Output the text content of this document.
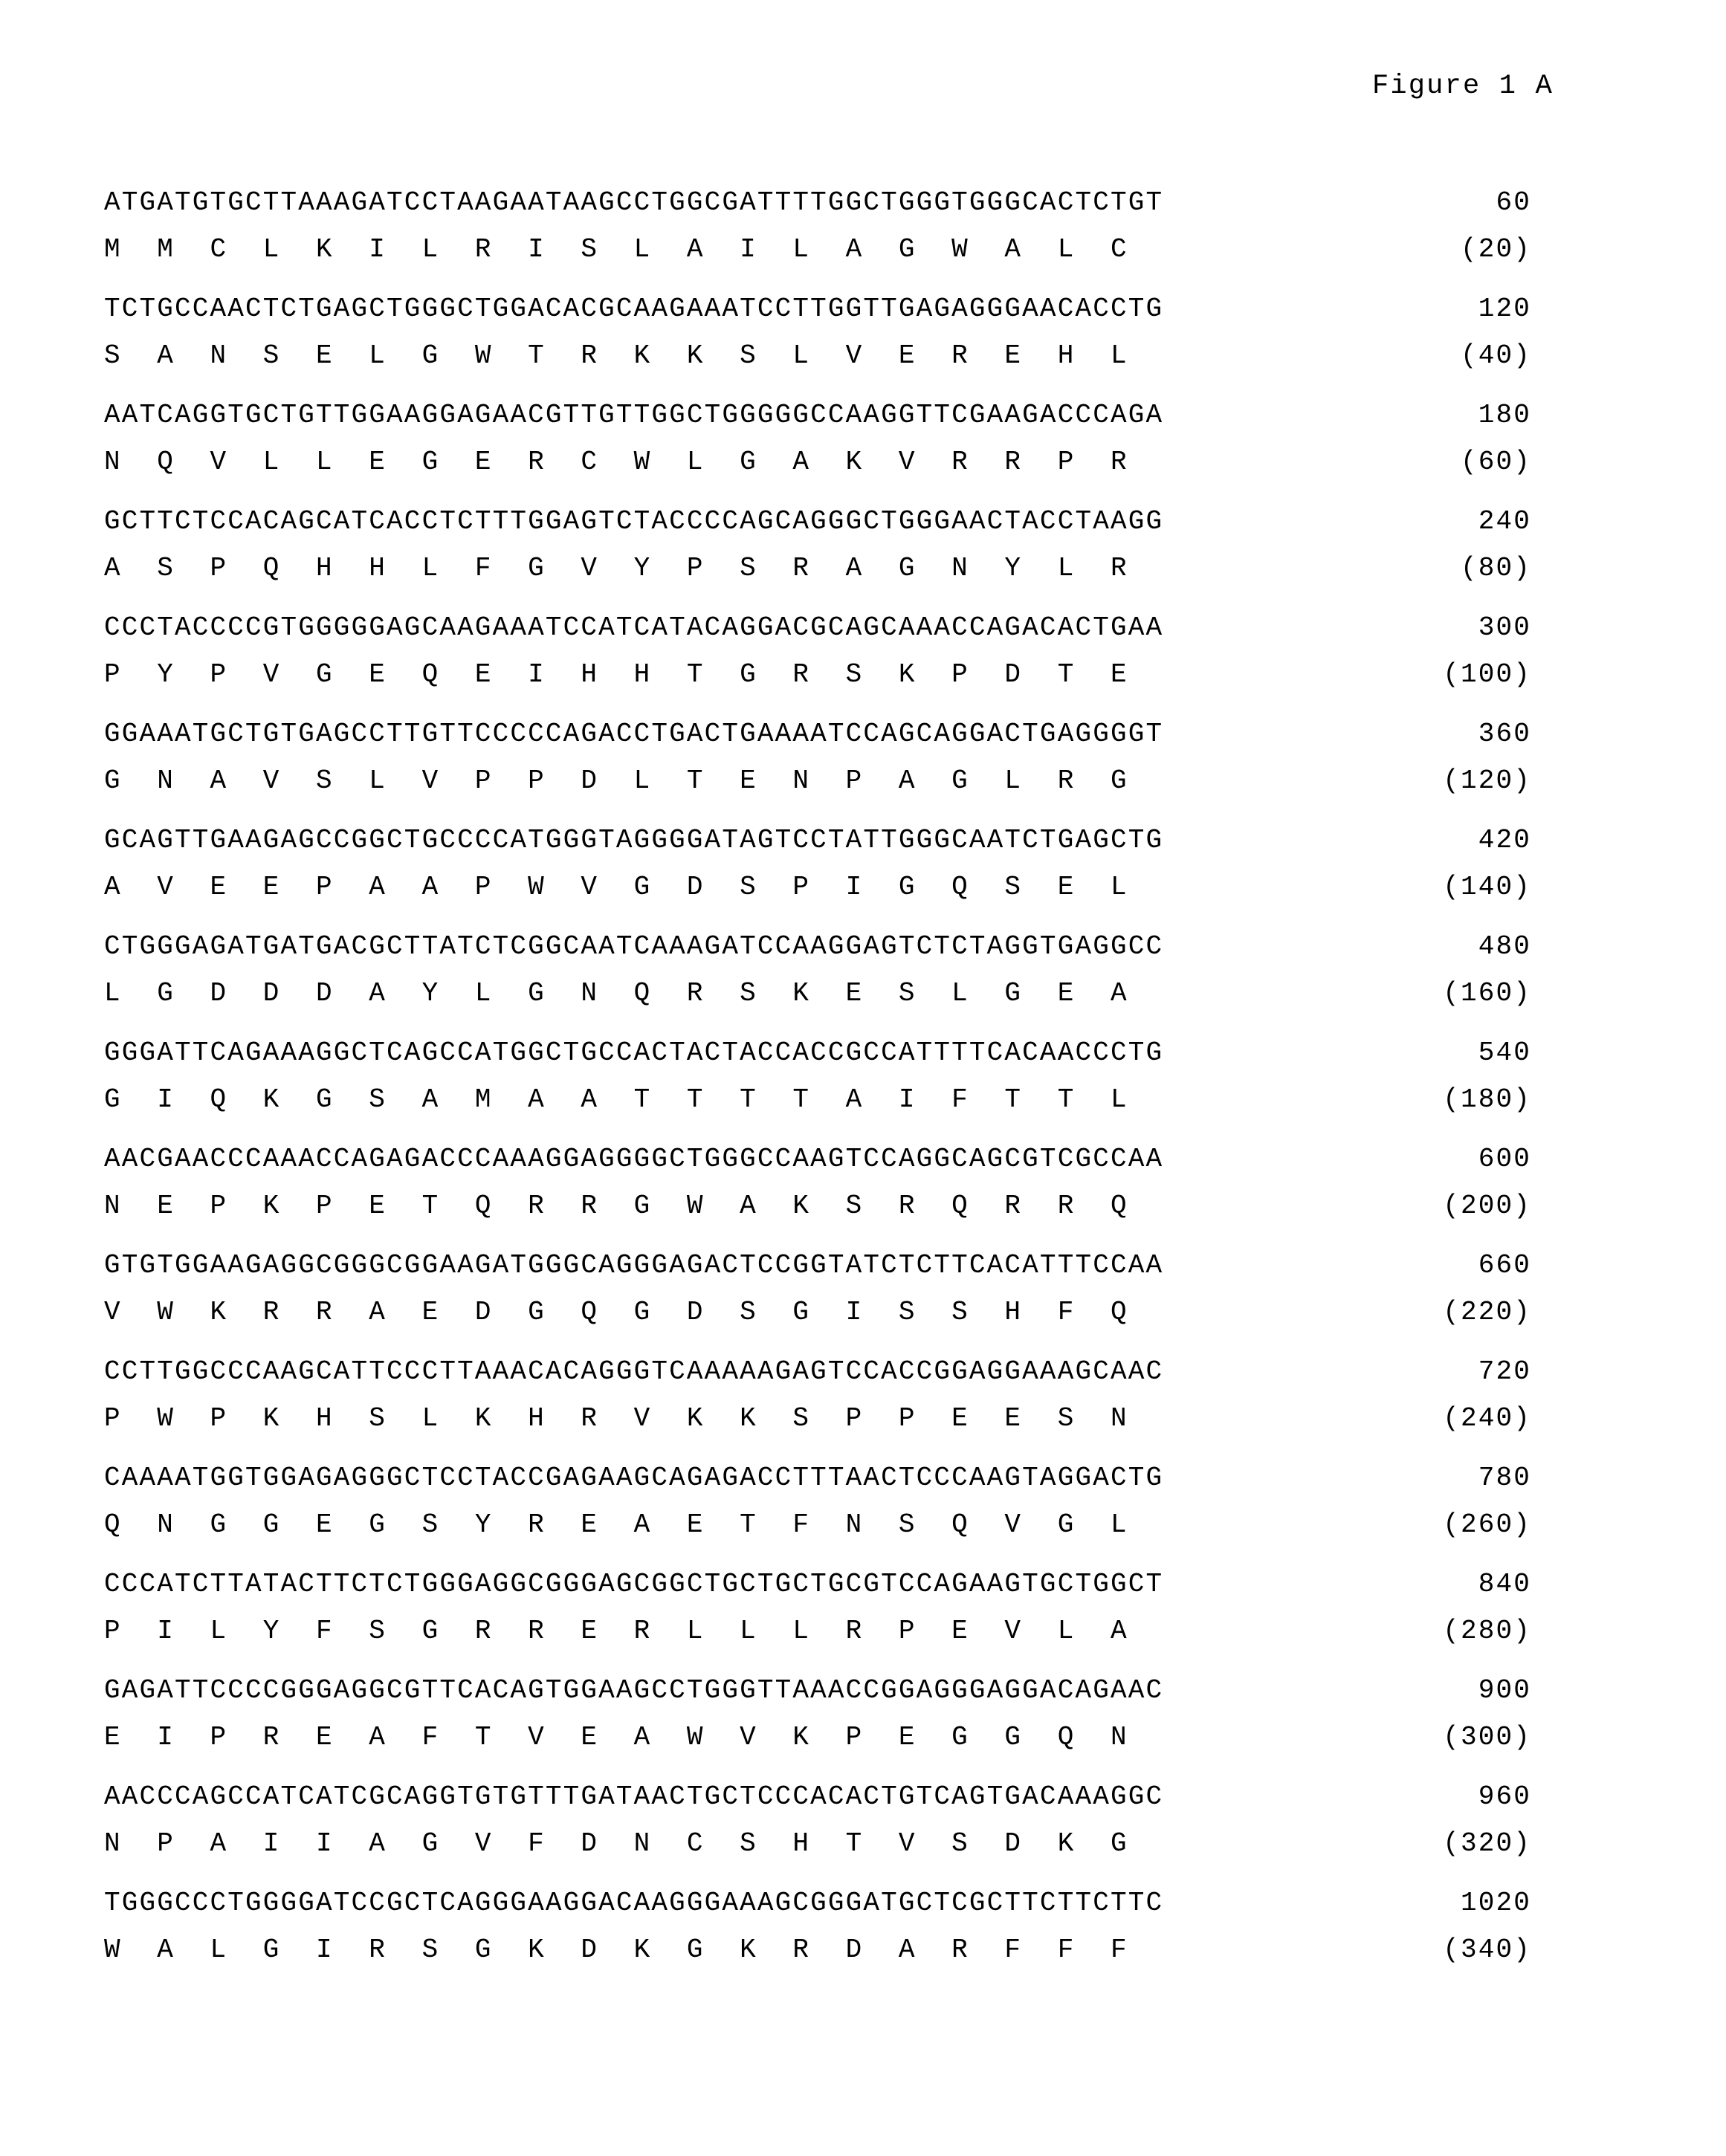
Figure 1 A
ATGATGTGCTTAAAGATCCTAAGAATAAGCCTGGCGATTTTGGCTGGGTGGGCACTCTGT	60
M  M  C  L  K  I  L  R  I  S  L  A  I  L  A  G  W  A  L  C	(20)
TCTGCCAACTCTGAGCTGGGCTGGACACGCAAGAAATCCTTGGTTGAGAGGGAACACCTG	120
S  A  N  S  E  L  G  W  T  R  K  K  S  L  V  E  R  E  H  L	(40)
AATCAGGTGCTGTTGGAAGGAGAACGTTGTTGGCTGGGGGCCAAGGTTCGAAGACCCAGA	180
N  Q  V  L  L  E  G  E  R  C  W  L  G  A  K  V  R  R  P  R	(60)
GCTTCTCCACAGCATCACCTCTTTGGAGTCTACCCCAGCAGGGCTGGGAACTACCTAAGG	240
A  S  P  Q  H  H  L  F  G  V  Y  P  S  R  A  G  N  Y  L  R	(80)
CCCTACCCCGTGGGGGAGCAAGAAATCCATCATACAGGACGCAGCAAACCAGACACTGAA	300
P  Y  P  V  G  E  Q  E  I  H  H  T  G  R  S  K  P  D  T  E	(100)
GGAAATGCTGTGAGCCTTGTTCCCCCAGACCTGACTGAAAATCCAGCAGGACTGAGGGGT	360
G  N  A  V  S  L  V  P  P  D  L  T  E  N  P  A  G  L  R  G	(120)
GCAGTTGAAGAGCCGGCTGCCCCATGGGTAGGGGATAGTCCTATTGGGCAATCTGAGCTG	420
A  V  E  E  P  A  A  P  W  V  G  D  S  P  I  G  Q  S  E  L	(140)
CTGGGAGATGATGACGCTTATCTCGGCAATCAAAGATCCAAGGAGTCTCTAGGTGAGGCC	480
L  G  D  D  D  A  Y  L  G  N  Q  R  S  K  E  S  L  G  E  A	(160)
GGGATTCAGAAAGGCTCAGCCATGGCTGCCACTACTACCACCGCCATTTTCACAACCCTG	540
G  I  Q  K  G  S  A  M  A  A  T  T  T  T  A  I  F  T  T  L	(180)
AACGAACCCAAACCAGAGACCCAAAGGAGGGGCTGGGCCAAGTCCAGGCAGCGTCGCCAA	600
N  E  P  K  P  E  T  Q  R  R  G  W  A  K  S  R  Q  R  R  Q	(200)
GTGTGGAAGAGGCGGGCGGAAGATGGGCAGGGAGACTCCGGTATCTCTTCACATTTCCAA	660
V  W  K  R  R  A  E  D  G  Q  G  D  S  G  I  S  S  H  F  Q	(220)
CCTTGGCCCAAGCATTCCCTTAAACACAGGGTCAAAAAGAGTCCACCGGAGGAAAGCAAC	720
P  W  P  K  H  S  L  K  H  R  V  K  K  S  P  P  E  E  S  N	(240)
CAAAATGGTGGAGAGGGCTCCTACCGAGAAGCAGAGACCTTTAACTCCCAAGTAGGACTG	780
Q  N  G  G  E  G  S  Y  R  E  A  E  T  F  N  S  Q  V  G  L	(260)
CCCATCTTATACTTCTCTGGGAGGCGGGAGCGGCTGCTGCTGCGTCCAGAAGTGCTGGCT	840
P  I  L  Y  F  S  G  R  R  E  R  L  L  L  R  P  E  V  L  A	(280)
GAGATTCCCCGGGAGGCGTTCACAGTGGAAGCCTGGGTTAAACCGGAGGGAGGACAGAAC	900
E  I  P  R  E  A  F  T  V  E  A  W  V  K  P  E  G  G  Q  N	(300)
AACCCAGCCATCATCGCAGGTGTGTTTGATAACTGCTCCCACACTGTCAGTGACAAAGGC	960
N  P  A  I  I  A  G  V  F  D  N  C  S  H  T  V  S  D  K  G	(320)
TGGGCCCTGGGGATCCGCTCAGGGAAGGACAAGGGAAAGCGGGATGCTCGCTTCTTCTTC	1020
W  A  L  G  I  R  S  G  K  D  K  G  K  R  D  A  R  F  F  F	(340)
